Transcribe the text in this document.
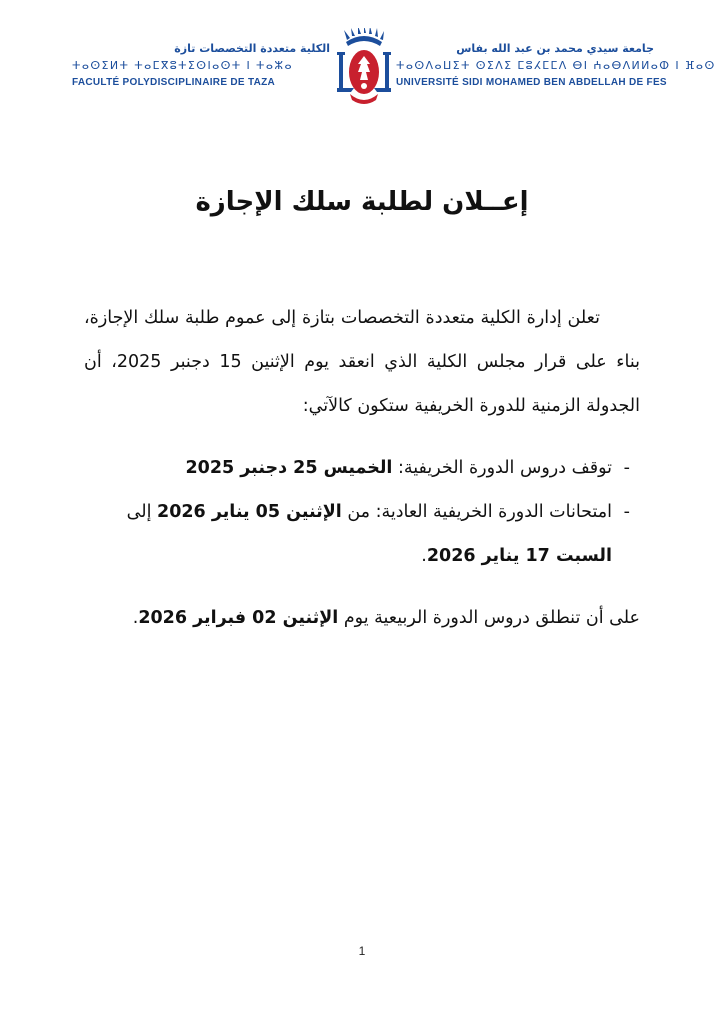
جامعة سيدي محمد بن عبد الله بفاس
ⵜⴰⵙⴷⴰⵡⵉⵜ ⵙⵉⴷⵉ ⵎⵓⵃⵎⵎⴷ ⴱⵏ ⵄⴰⴱⴷⵍⵍⴰⵀ ⵏ ⴼⴰⵙ
UNIVERSITÉ SIDI MOHAMED BEN ABDELLAH DE FES
الكلية متعددة التخصصات تازة
ⵜⴰⵙⵉⵍⵜ ⵜⴰⵎⴳⵓⵜⵉⵙⵏⴰⵙⵜ ⵏ ⵜⴰⵣⴰ
FACULTÉ POLYDISCIPLINAIRE DE TAZA
إعــلان لطلبة سلك الإجازة

تعلن إدارة الكلية متعددة التخصصات بتازة إلى عموم طلبة سلك الإجازة، بناء على قرار مجلس الكلية الذي انعقد يوم الإثنين 15 دجنبر 2025، أن الجدولة الزمنية للدورة الخريفية ستكون كالآتي:

-
توقف دروس الدورة الخريفية: الخميس 25 دجنبر 2025
-
امتحانات الدورة الخريفية العادية: من الإثنين 05 يناير 2026 إلى السبت 17 يناير 2026.

على أن تنطلق دروس الدورة الربيعية يوم الإثنين 02 فبراير 2026.

1
